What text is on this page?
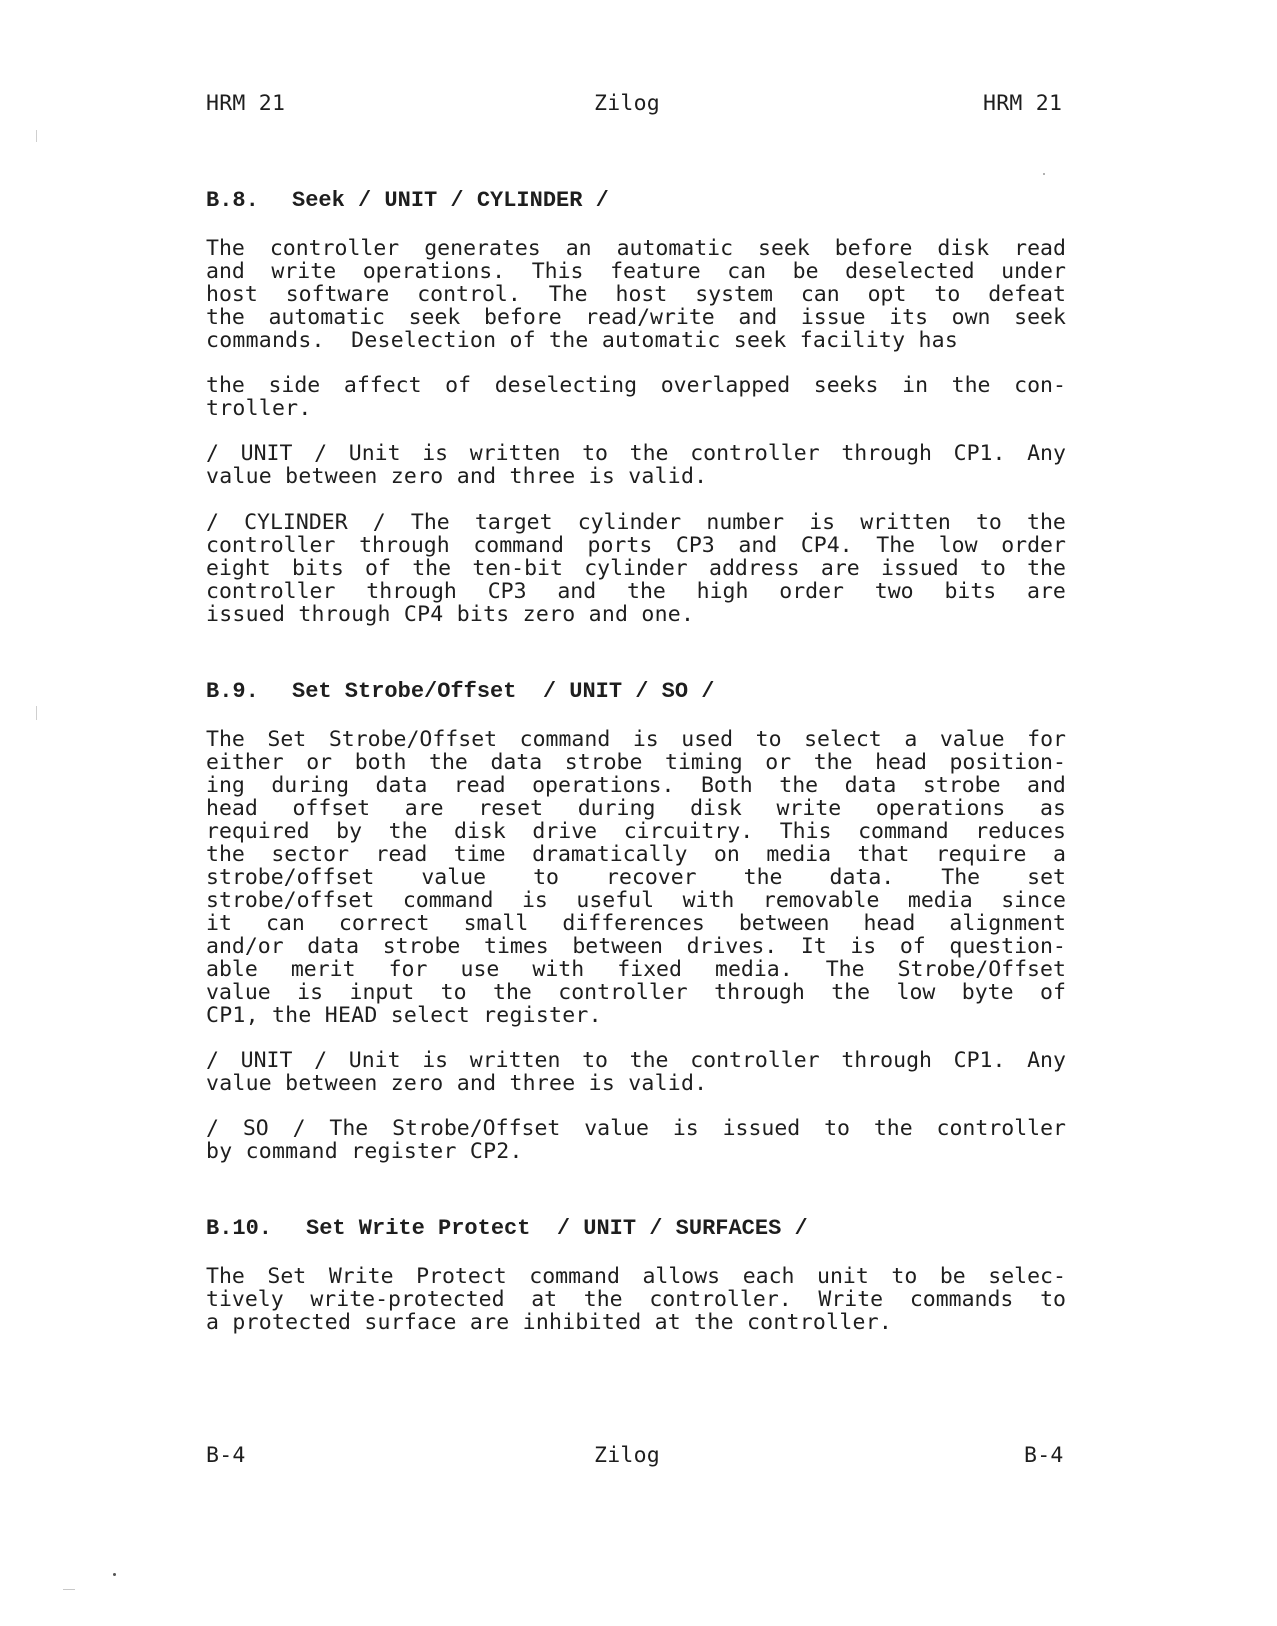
HRM 21	Zilog	HRM 21
B.8. Seek / UNIT / CYLINDER /
The controller generates an automatic seek before disk read
and write operations. This feature can be deselected under
host software control. The host system can opt to defeat
the automatic seek before read/write and issue its own seek
commands.  Deselection of the automatic seek facility has
the side affect of deselecting overlapped seeks in the con-
troller.
/ UNIT / Unit is written to the controller through CP1. Any
value between zero and three is valid.
/ CYLINDER / The target cylinder number is written to the
controller through command ports CP3 and CP4. The low order
eight bits of the ten-bit cylinder address are issued to the
controller through CP3 and the high order two bits are
issued through CP4 bits zero and one.
B.9. Set Strobe/Offset  / UNIT / SO /
The Set Strobe/Offset command is used to select a value for
either or both the data strobe timing or the head position-
ing during data read operations. Both the data strobe and
head offset are reset during disk write operations as
required by the disk drive circuitry. This command reduces
the sector read time dramatically on media that require a
strobe/offset value to recover the data. The set
strobe/offset command is useful with removable media since
it can correct small differences between head alignment
and/or data strobe times between drives. It is of question-
able merit for use with fixed media. The Strobe/Offset
value is input to the controller through the low byte of
CP1, the HEAD select register.
/ UNIT / Unit is written to the controller through CP1. Any
value between zero and three is valid.
/ SO / The Strobe/Offset value is issued to the controller
by command register CP2.
B.10. Set Write Protect  / UNIT / SURFACES /
The Set Write Protect command allows each unit to be selec-
tively write-protected at the controller. Write commands to
a protected surface are inhibited at the controller.
B-4	Zilog	B-4
